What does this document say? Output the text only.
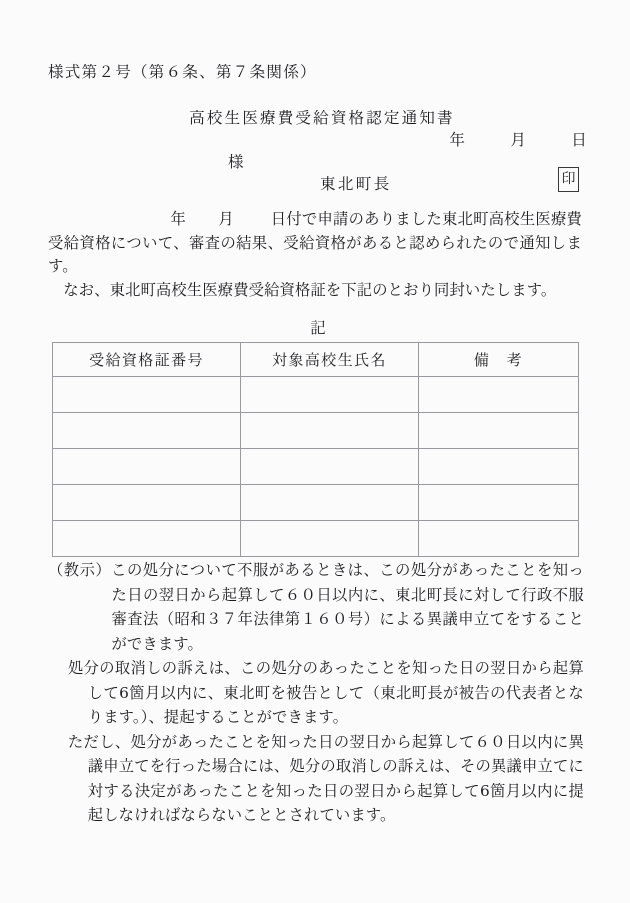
様式第２号（第６条、第７条関係）
高校生医療費受給資格認定通知書
年	月	日
様
東北町長	印

年 月 日付で申請のありました東北町高校生医療費受給資格について、審査の結果、受給資格があると認められたので通知します。

なお、東北町高校生医療費受給資格証を下記のとおり同封いたします。

記
受給資格証番号	対象高校生氏名	備　考

（教示）この処分について不服があるときは、この処分があったことを知った日の翌日から起算して６０日以内に、東北町長に対して行政不服審査法（昭和３７年法律第１６０号）による異議申立てをすることができます。

処分の取消しの訴えは、この処分のあったことを知った日の翌日から起算して6箇月以内に、東北町を被告として（東北町長が被告の代表者となります。）、提起することができます。

ただし、処分があったことを知った日の翌日から起算して６０日以内に異議申立てを行った場合には、処分の取消しの訴えは、その異議申立てに対する決定があったことを知った日の翌日から起算して6箇月以内に提起しなければならないこととされています。
